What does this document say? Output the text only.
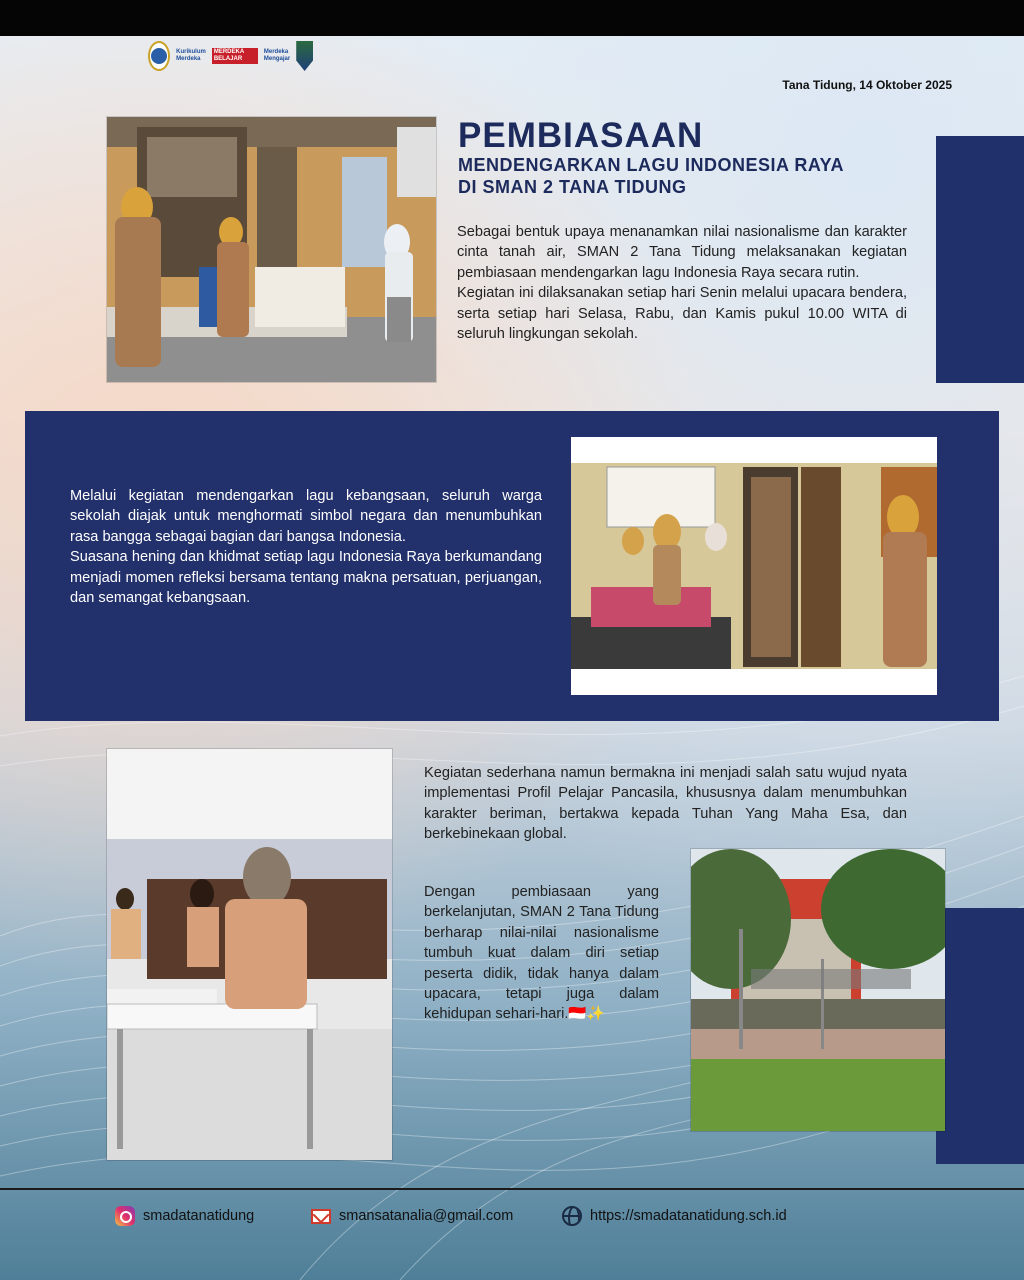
Kurikulum Merdeka
MERDEKA BELAJAR
Merdeka Mengajar
Tana Tidung, 14 Oktober 2025
PEMBIASAAN
MENDENGARKAN LAGU INDONESIA RAYA
DI SMAN 2 TANA TIDUNG

Sebagai bentuk upaya menanamkan nilai nasionalisme dan karakter cinta tanah air, SMAN 2 Tana Tidung melaksanakan kegiatan pembiasaan mendengarkan lagu Indonesia Raya secara rutin.

Kegiatan ini dilaksanakan setiap hari Senin melalui upacara bendera, serta setiap hari Selasa, Rabu, dan Kamis pukul 10.00 WITA di seluruh lingkungan sekolah.

Melalui kegiatan mendengarkan lagu kebangsaan, seluruh warga sekolah diajak untuk menghormati simbol negara dan menumbuhkan rasa bangga sebagai bagian dari bangsa Indonesia.

Suasana hening dan khidmat setiap lagu Indonesia Raya berkumandang menjadi momen refleksi bersama tentang makna persatuan, perjuangan, dan semangat kebangsaan.

Kegiatan sederhana namun bermakna ini menjadi salah satu wujud nyata implementasi Profil Pelajar Pancasila, khususnya dalam menumbuhkan karakter beriman, bertakwa kepada Tuhan Yang Maha Esa, dan berkebinekaan global.

Dengan pembiasaan yang berkelanjutan, SMAN 2 Tana Tidung berharap nilai-nilai nasionalisme tumbuh kuat dalam diri setiap peserta didik, tidak hanya dalam upacara, tetapi juga dalam kehidupan sehari-hari.🇮🇩✨

smadatanatidung	smansatanalia@gmail.com	https://smadatanatidung.sch.id
